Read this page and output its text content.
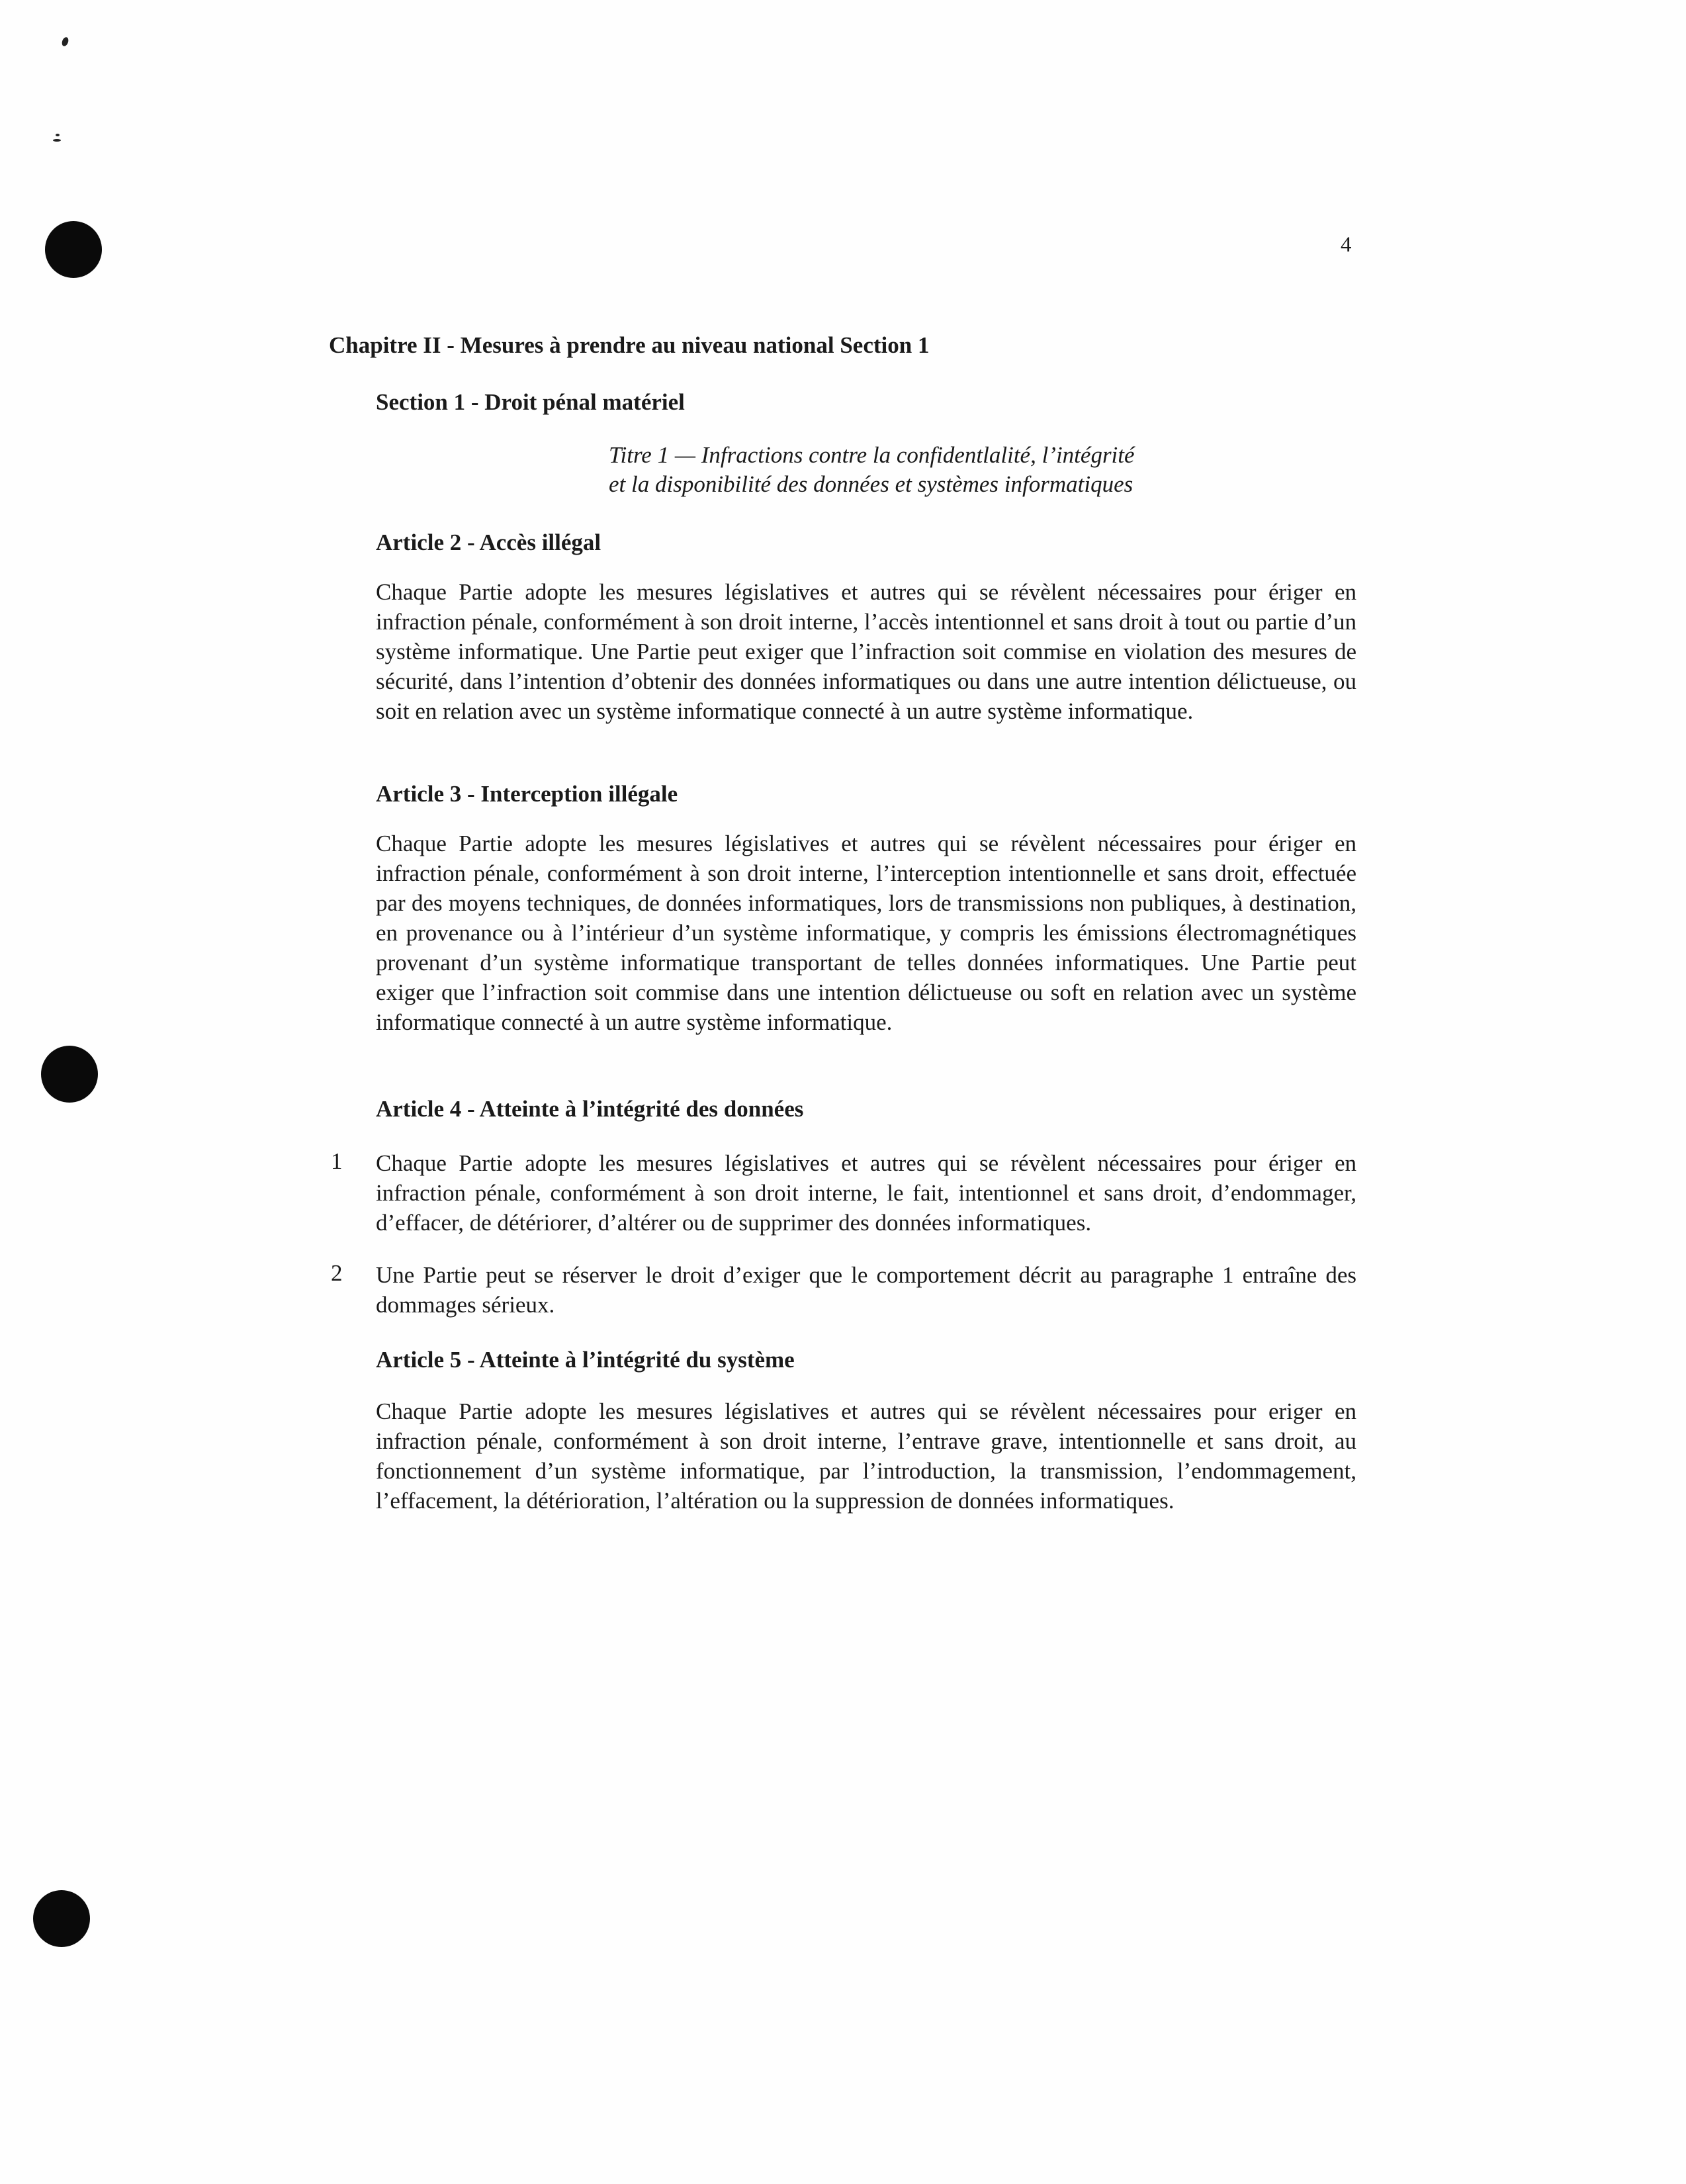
4
Chapitre II - Mesures à prendre au niveau national Section 1
Section 1 - Droit pénal matériel
Titre 1 — Infractions contre la confidentlalité, l’intégrité
et la disponibilité des données et systèmes informatiques
Article 2 - Accès illégal
Chaque Partie adopte les mesures législatives et autres qui se révèlent nécessaires pour ériger en infraction pénale, conformément à son droit interne, l’accès intentionnel et sans droit à tout ou partie d’un système informatique. Une Partie peut exiger que l’infraction soit commise en violation des mesures de sécurité, dans l’intention d’obtenir des données informatiques ou dans une autre intention délictueuse, ou soit en relation avec un système informatique connecté à un autre système informatique.
Article 3 - Interception illégale
Chaque Partie adopte les mesures législatives et autres qui se révèlent nécessaires pour ériger en infraction pénale, conformément à son droit interne, l’interception intentionnelle et sans droit, effectuée par des moyens techniques, de données informatiques, lors de transmissions non publiques, à destination, en provenance ou à l’intérieur d’un système informatique, y compris les émissions électromagnétiques provenant d’un système informatique transportant de telles données informatiques. Une Partie peut exiger que l’infraction soit commise dans une intention délictueuse ou soft en relation avec un système informatique connecté à un autre système informatique.
Article 4 - Atteinte à l’intégrité des données
1 Chaque Partie adopte les mesures législatives et autres qui se révèlent nécessaires pour ériger en infraction pénale, conformément à son droit interne, le fait, intentionnel et sans droit, d’endommager, d’effacer, de détériorer, d’altérer ou de supprimer des données informatiques.
2 Une Partie peut se réserver le droit d’exiger que le comportement décrit au paragraphe 1 entraîne des dommages sérieux.
Article 5 - Atteinte à l’intégrité du système
Chaque Partie adopte les mesures législatives et autres qui se révèlent nécessaires pour eriger en infraction pénale, conformément à son droit interne, l’entrave grave, intentionnelle et sans droit, au fonctionnement d’un système informatique, par l’introduction, la transmission, l’endommagement, l’effacement, la détérioration, l’altération ou la suppression de données informatiques.
